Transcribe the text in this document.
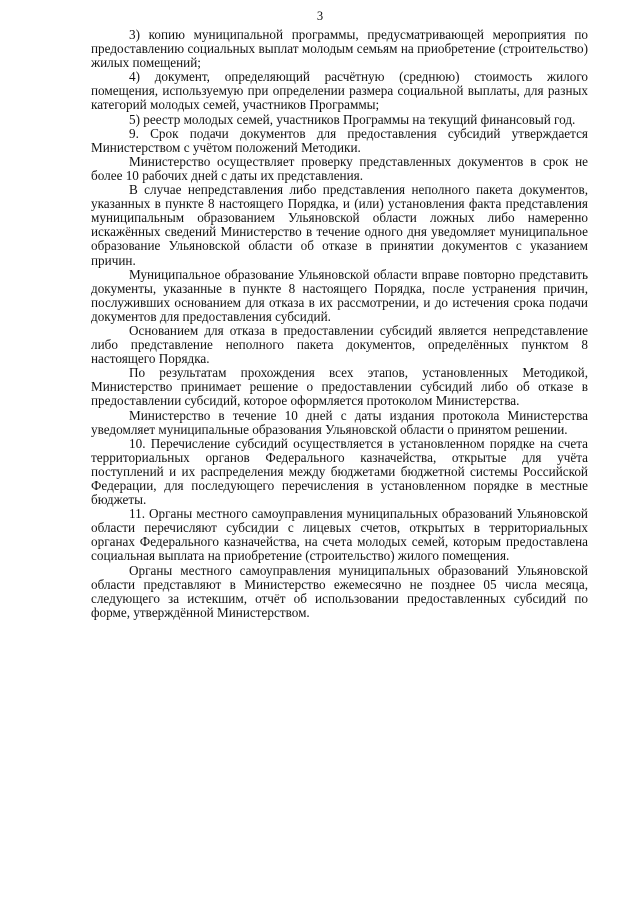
3

3) копию муниципальной программы, предусматривающей мероприятия по предоставлению социальных выплат молодым семьям на приобретение (строительство) жилых помещений;

4) документ, определяющий расчётную (среднюю) стоимость жилого помещения, используемую при определении размера социальной выплаты, для разных категорий молодых семей, участников Программы;

5) реестр молодых семей, участников Программы на текущий финансовый год.

9. Срок подачи документов для предоставления субсидий утверждается Министерством с учётом положений Методики.

Министерство осуществляет проверку представленных документов в срок не более 10 рабочих дней с даты их представления.

В случае непредставления либо представления неполного пакета документов, указанных в пункте 8 настоящего Порядка, и (или) установления факта представления муниципальным образованием Ульяновской области ложных либо намеренно искажённых сведений Министерство в течение одного дня уведомляет муниципальное образование Ульяновской области об отказе в принятии документов с указанием причин.

Муниципальное образование Ульяновской области вправе повторно представить документы, указанные в пункте 8 настоящего Порядка, после устранения причин, послуживших основанием для отказа в их рассмотрении, и до истечения срока подачи документов для предоставления субсидий.

Основанием для отказа в предоставлении субсидий является непредставление либо представление неполного пакета документов, определённых пунктом 8 настоящего Порядка.

По результатам прохождения всех этапов, установленных Методикой, Министерство принимает решение о предоставлении субсидий либо об отказе в предоставлении субсидий, которое оформляется протоколом Министерства.

Министерство в течение 10 дней с даты издания протокола Министерства уведомляет муниципальные образования Ульяновской области о принятом решении.

10. Перечисление субсидий осуществляется в установленном порядке на счета территориальных органов Федерального казначейства, открытые для учёта поступлений и их распределения между бюджетами бюджетной системы Российской Федерации, для последующего перечисления в установленном порядке в местные бюджеты.

11. Органы местного самоуправления муниципальных образований Ульяновской области перечисляют субсидии с лицевых счетов, открытых в территориальных органах Федерального казначейства, на счета молодых семей, которым предоставлена социальная выплата на приобретение (строительство) жилого помещения.

Органы местного самоуправления муниципальных образований Ульяновской области представляют в Министерство ежемесячно не позднее 05 числа месяца, следующего за истекшим, отчёт об использовании предоставленных субсидий по форме, утверждённой Министерством.
